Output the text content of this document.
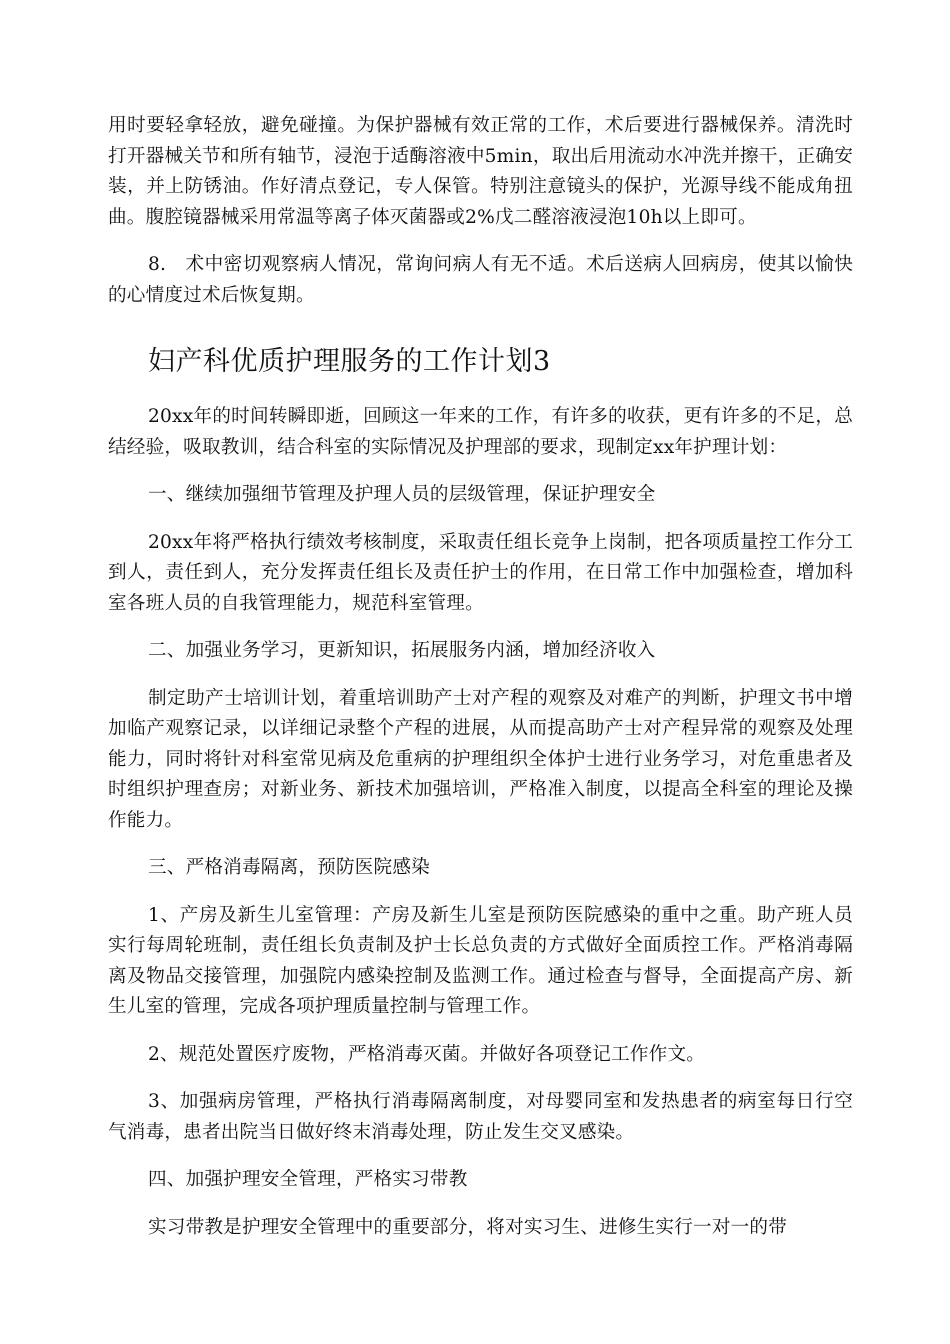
用时要轻拿轻放，避免碰撞。为保护器械有效正常的工作，术后要进行器械保养。清洗时打开器械关节和所有轴节，浸泡于适酶溶液中5min，取出后用流动水冲洗并擦干，正确安装，并上防锈油。作好清点登记，专人保管。特别注意镜头的保护，光源导线不能成角扭曲。腹腔镜器械采用常温等离子体灭菌器或2%戊二醛溶液浸泡10h以上即可。

8.　术中密切观察病人情况，常询问病人有无不适。术后送病人回病房，使其以愉快的心情度过术后恢复期。

妇产科优质护理服务的工作计划3

20xx年的时间转瞬即逝，回顾这一年来的工作，有许多的收获，更有许多的不足，总结经验，吸取教训，结合科室的实际情况及护理部的要求，现制定xx年护理计划：

一、继续加强细节管理及护理人员的层级管理，保证护理安全

20xx年将严格执行绩效考核制度，采取责任组长竞争上岗制，把各项质量控工作分工到人，责任到人，充分发挥责任组长及责任护士的作用，在日常工作中加强检查，增加科室各班人员的自我管理能力，规范科室管理。

二、加强业务学习，更新知识，拓展服务内涵，增加经济收入

制定助产士培训计划，着重培训助产士对产程的观察及对难产的判断，护理文书中增加临产观察记录，以详细记录整个产程的进展，从而提高助产士对产程异常的观察及处理能力，同时将针对科室常见病及危重病的护理组织全体护士进行业务学习，对危重患者及时组织护理查房；对新业务、新技术加强培训，严格准入制度，以提高全科室的理论及操作能力。

三、严格消毒隔离，预防医院感染

1、产房及新生儿室管理：产房及新生儿室是预防医院感染的重中之重。助产班人员实行每周轮班制，责任组长负责制及护士长总负责的方式做好全面质控工作。严格消毒隔离及物品交接管理，加强院内感染控制及监测工作。通过检查与督导，全面提高产房、新生儿室的管理，完成各项护理质量控制与管理工作。

2、规范处置医疗废物，严格消毒灭菌。并做好各项登记工作作文。

3、加强病房管理，严格执行消毒隔离制度，对母婴同室和发热患者的病室每日行空气消毒，患者出院当日做好终末消毒处理，防止发生交叉感染。

四、加强护理安全管理，严格实习带教

实习带教是护理安全管理中的重要部分，将对实习生、进修生实行一对一的带
